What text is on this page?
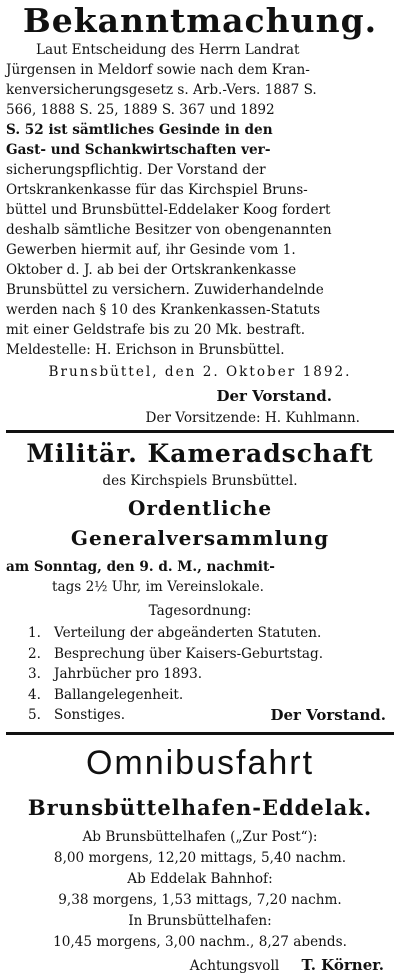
Bekanntmachung.
Laut Entscheidung des Herrn Landrat
Jürgensen in Meldorf sowie nach dem Kran-
kenversicherungsgesetz s. Arb.-Vers. 1887 S.
566, 1888 S. 25, 1889 S. 367 und 1892
S. 52 ist sämtliches Gesinde in den
Gast- und Schankwirtschaften ver-
sicherungspflichtig. Der Vorstand der
Ortskrankenkasse für das Kirchspiel Bruns-
büttel und Brunsbüttel-Eddelaker Koog fordert
deshalb sämtliche Besitzer von obengenannten
Gewerben hiermit auf, ihr Gesinde vom 1.
Oktober d. J. ab bei der Ortskrankenkasse
Brunsbüttel zu versichern. Zuwiderhandelnde
werden nach § 10 des Krankenkassen-Statuts
mit einer Geldstrafe bis zu 20 Mk. bestraft.
Meldestelle: H. Erichson in Brunsbüttel.
Brunsbüttel, den 2. Oktober 1892.
Der Vorstand.
Der Vorsitzende: H. Kuhlmann.
Militär. Kameradschaft
des Kirchspiels Brunsbüttel.
Ordentliche Generalversammlung
am Sonntag, den 9. d. M., nachmit-
tags 2½ Uhr, im Vereinslokale.
Tagesordnung:
1. Verteilung der abgeänderten Statuten.
2. Besprechung über Kaisers-Geburtstag.
3. Jahrbücher pro 1893.
4. Ballangelegenheit.
5. Sonstiges.	Der Vorstand.
Omnibusfahrt
Brunsbüttelhafen-Eddelak.
Ab Brunsbüttelhafen („Zur Post“):
8,00 morgens, 12,20 mittags, 5,40 nachm.
Ab Eddelak Bahnhof:
9,38 morgens, 1,53 mittags, 7,20 nachm.
In Brunsbüttelhafen:
10,45 morgens, 3,00 nachm., 8,27 abends.
Achtungsvoll T. Körner.
